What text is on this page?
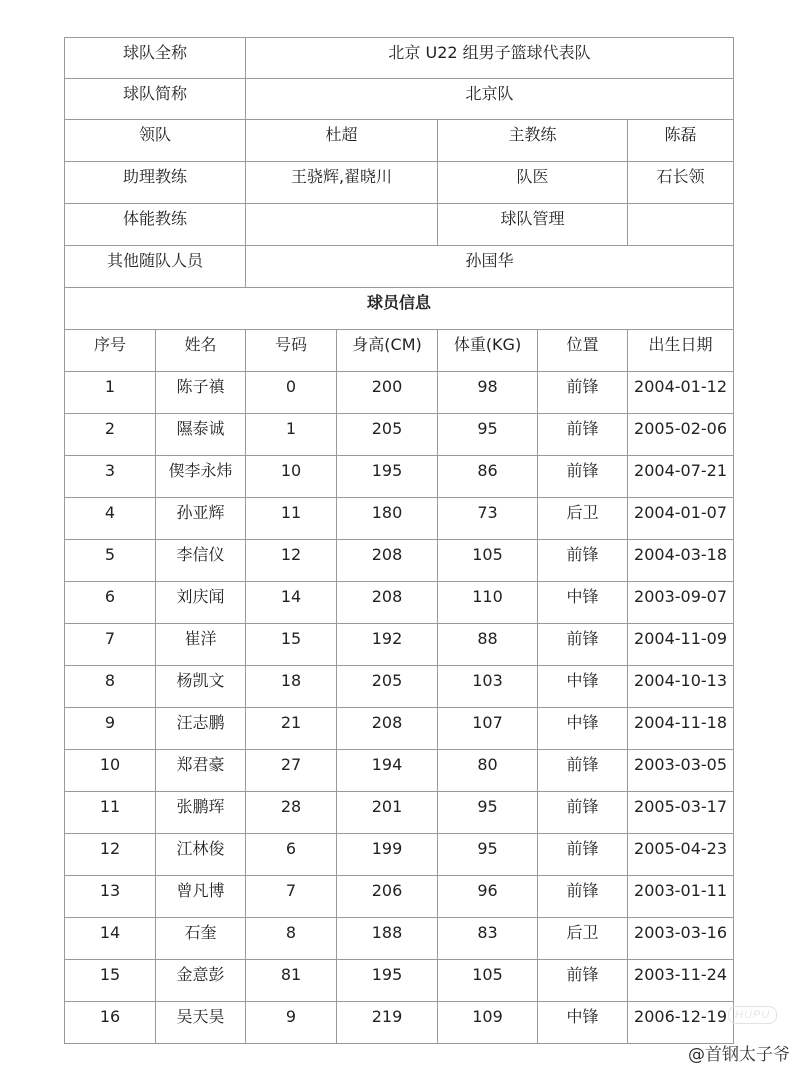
球队全称		北京 U22 组男子篮球代表队				
球队简称		北京队				
领队		杜超		主教练		陈磊
助理教练		王骁辉,翟晓川		队医		石长领
体能教练				球队管理		
其他随队人员		孙国华				
球员信息						
序号	姓名	号码	身高(CM)	体重(KG)	位置	出生日期
1	陈子禛	0	200	98	前锋	2004-01-12
2	隰泰诚	1	205	95	前锋	2005-02-06
3	偰李永炜	10	195	86	前锋	2004-07-21
4	孙亚辉	11	180	73	后卫	2004-01-07
5	李信仪	12	208	105	前锋	2004-03-18
6	刘庆闻	14	208	110	中锋	2003-09-07
7	崔洋	15	192	88	前锋	2004-11-09
8	杨凯文	18	205	103	中锋	2004-10-13
9	汪志鹏	21	208	107	中锋	2004-11-18
10	郑君豪	27	194	80	前锋	2003-03-05
11	张鹏珲	28	201	95	前锋	2005-03-17
12	江林俊	6	199	95	前锋	2005-04-23
13	曾凡博	7	206	96	前锋	2003-01-11
14	石奎	8	188	83	后卫	2003-03-16
15	金意彭	81	195	105	前锋	2003-11-24
16	吴天昊	9	219	109	中锋	2006-12-19 HUPU
@首钢太子爷
